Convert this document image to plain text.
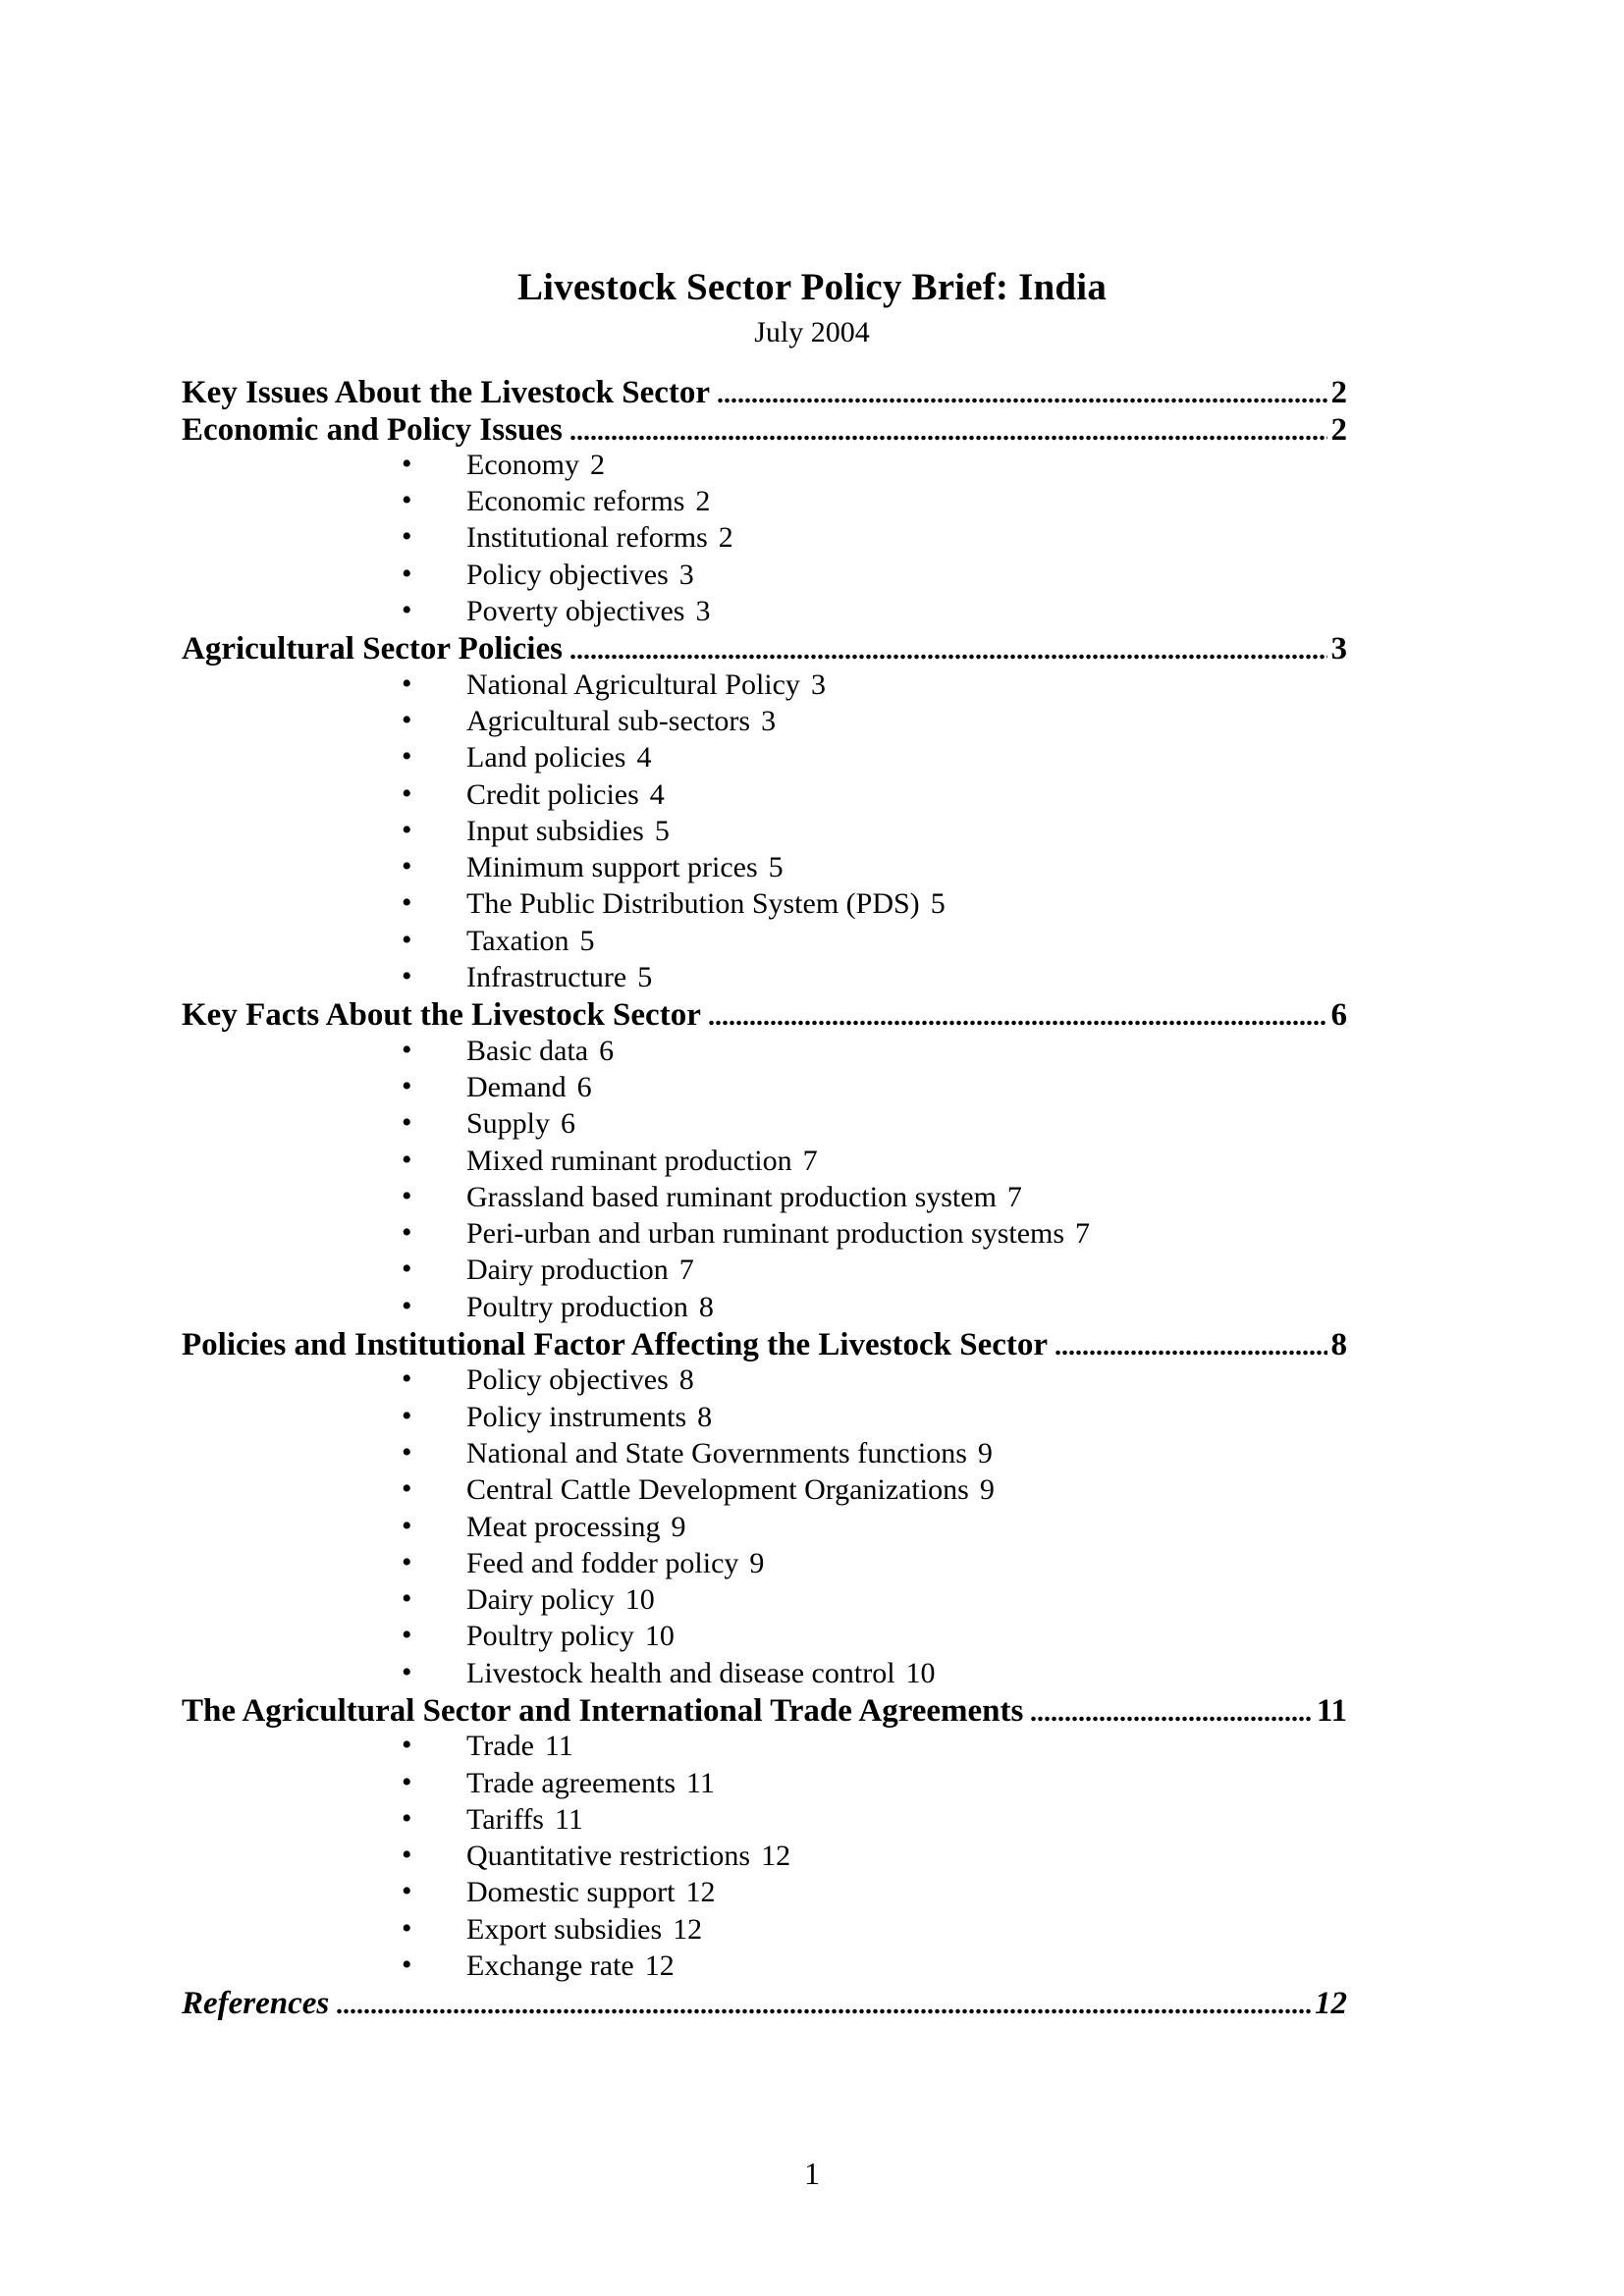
Livestock Sector Policy Brief: India
July 2004
Key Issues About the Livestock Sector	2
Economic and Policy Issues	2
•	Economy 2
•	Economic reforms 2
•	Institutional reforms 2
•	Policy objectives 3
•	Poverty objectives 3
Agricultural Sector Policies	3
•	National Agricultural Policy 3
•	Agricultural sub-sectors 3
•	Land policies 4
•	Credit policies 4
•	Input subsidies 5
•	Minimum support prices 5
•	The Public Distribution System (PDS) 5
•	Taxation 5
•	Infrastructure 5
Key Facts About the Livestock Sector	6
•	Basic data 6
•	Demand 6
•	Supply 6
•	Mixed ruminant production 7
•	Grassland based ruminant production system 7
•	Peri-urban and urban ruminant production systems 7
•	Dairy production 7
•	Poultry production 8
Policies and Institutional Factor Affecting the Livestock Sector	8
•	Policy objectives 8
•	Policy instruments 8
•	National and State Governments functions 9
•	Central Cattle Development Organizations 9
•	Meat processing 9
•	Feed and fodder policy 9
•	Dairy policy 10
•	Poultry policy 10
•	Livestock health and disease control 10
The Agricultural Sector and International Trade Agreements	11
•	Trade 11
•	Trade agreements 11
•	Tariffs 11
•	Quantitative restrictions 12
•	Domestic support 12
•	Export subsidies 12
•	Exchange rate 12
References	12
1
